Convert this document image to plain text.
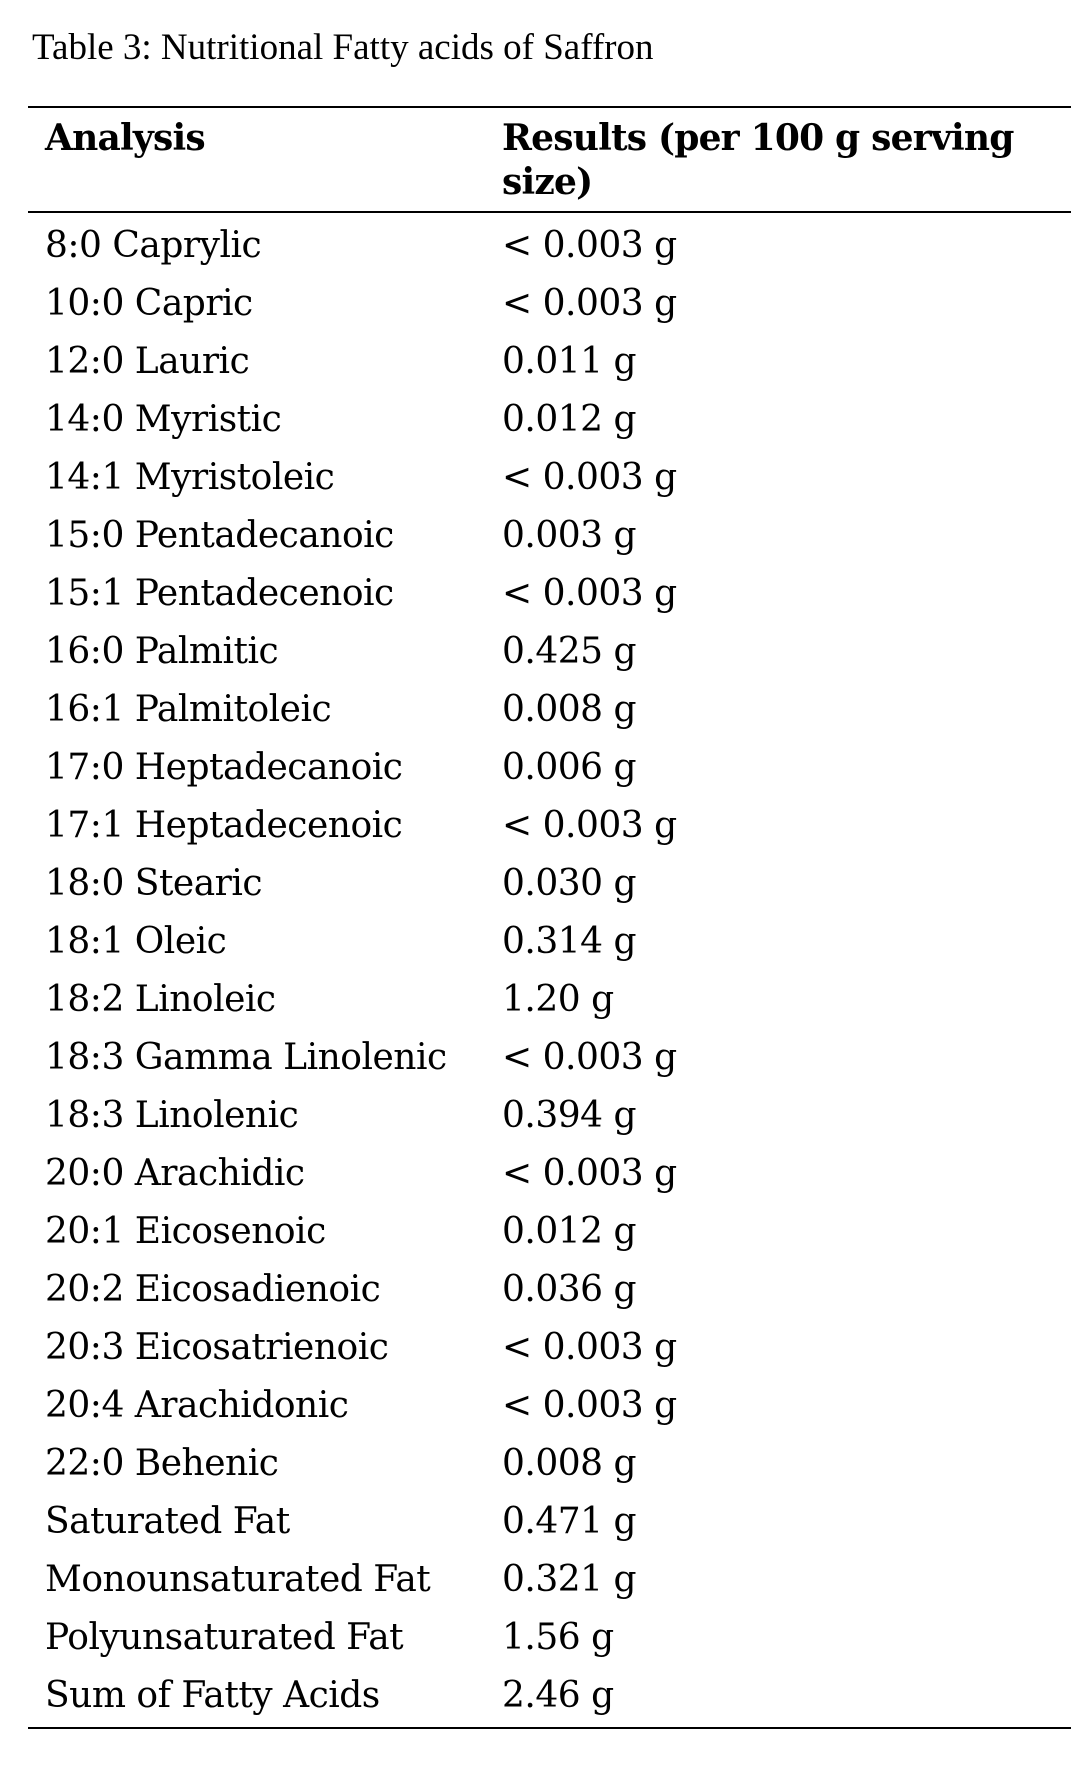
Table 3: Nutritional Fatty acids of Saffron
Analysis	Results (per 100 g serving size)
8:0 Caprylic	< 0.003 g
10:0 Capric	< 0.003 g
12:0 Lauric	0.011 g
14:0 Myristic	0.012 g
14:1 Myristoleic	< 0.003 g
15:0 Pentadecanoic	0.003 g
15:1 Pentadecenoic	< 0.003 g
16:0 Palmitic	0.425 g
16:1 Palmitoleic	0.008 g
17:0 Heptadecanoic	0.006 g
17:1 Heptadecenoic	< 0.003 g
18:0 Stearic	0.030 g
18:1 Oleic	0.314 g
18:2 Linoleic	1.20 g
18:3 Gamma Linolenic	< 0.003 g
18:3 Linolenic	0.394 g
20:0 Arachidic	< 0.003 g
20:1 Eicosenoic	0.012 g
20:2 Eicosadienoic	0.036 g
20:3 Eicosatrienoic	< 0.003 g
20:4 Arachidonic	< 0.003 g
22:0 Behenic	0.008 g
Saturated Fat	0.471 g
Monounsaturated Fat	0.321 g
Polyunsaturated Fat	1.56 g
Sum of Fatty Acids	2.46 g
